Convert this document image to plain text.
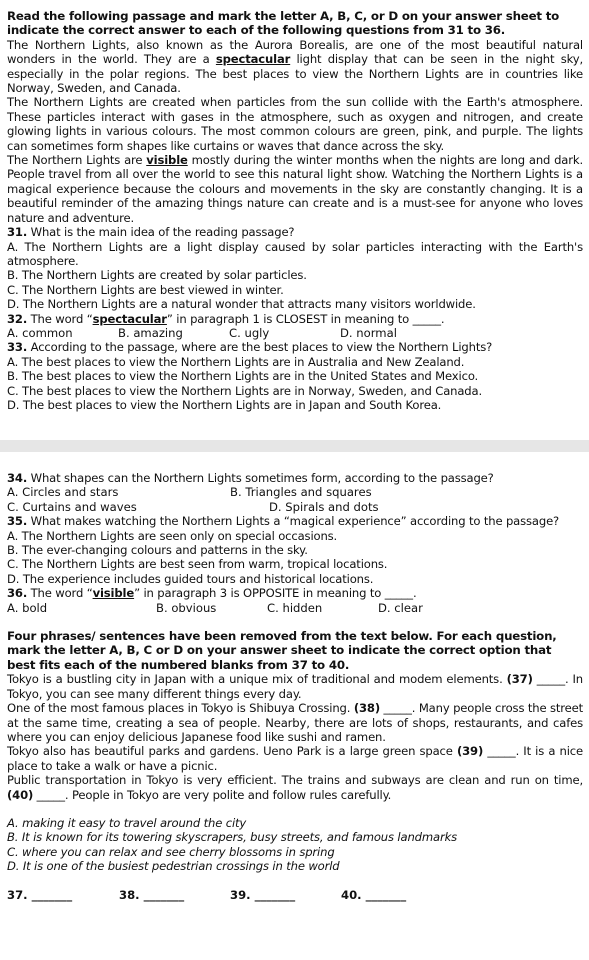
Read the following passage and mark the letter A, B, C, or D on your answer sheet to indicate the correct answer to each of the following questions from 31 to 36.

The Northern Lights, also known as the Aurora Borealis, are one of the most beautiful natural wonders in the world. They are a spectacular light display that can be seen in the night sky, especially in the polar regions. The best places to view the Northern Lights are in countries like Norway, Sweden, and Canada.

The Northern Lights are created when particles from the sun collide with the Earth's atmosphere. These particles interact with gases in the atmosphere, such as oxygen and nitrogen, and create glowing lights in various colours. The most common colours are green, pink, and purple. The lights can sometimes form shapes like curtains or waves that dance across the sky.

The Northern Lights are visible mostly during the winter months when the nights are long and dark. People travel from all over the world to see this natural light show. Watching the Northern Lights is a magical experience because the colours and movements in the sky are constantly changing. It is a beautiful reminder of the amazing things nature can create and is a must-see for anyone who loves nature and adventure.

31. What is the main idea of the reading passage?

A. The Northern Lights are a light display caused by solar particles interacting with the Earth's atmosphere.

B. The Northern Lights are created by solar particles.

C. The Northern Lights are best viewed in winter.

D. The Northern Lights are a natural wonder that attracts many visitors worldwide.

32. The word “spectacular” in paragraph 1 is CLOSEST in meaning to _____.

A. common	B. amazing	C. ugly	D. normal

33. According to the passage, where are the best places to view the Northern Lights?

A. The best places to view the Northern Lights are in Australia and New Zealand.

B. The best places to view the Northern Lights are in the United States and Mexico.

C. The best places to view the Northern Lights are in Norway, Sweden, and Canada.

D. The best places to view the Northern Lights are in Japan and South Korea.

34. What shapes can the Northern Lights sometimes form, according to the passage?

A. Circles and stars	B. Triangles and squares
C. Curtains and waves	D. Spirals and dots

35. What makes watching the Northern Lights a “magical experience” according to the passage?

A. The Northern Lights are seen only on special occasions.

B. The ever-changing colours and patterns in the sky.

C. The Northern Lights are best seen from warm, tropical locations.

D. The experience includes guided tours and historical locations.

36. The word “visible” in paragraph 3 is OPPOSITE in meaning to _____.

A. bold	B. obvious	C. hidden	D. clear

Four phrases/ sentences have been removed from the text below. For each question, mark the letter A, B, C or D on your answer sheet to indicate the correct option that best fits each of the numbered blanks from 37 to 40.

Tokyo is a bustling city in Japan with a unique mix of traditional and modem elements. (37) _____. In Tokyo, you can see many different things every day.

One of the most famous places in Tokyo is Shibuya Crossing. (38) _____. Many people cross the street at the same time, creating a sea of people. Nearby, there are lots of shops, restaurants, and cafes where you can enjoy delicious Japanese food like sushi and ramen.

Tokyo also has beautiful parks and gardens. Ueno Park is a large green space (39) _____. It is a nice place to take a walk or have a picnic.

Public transportation in Tokyo is very efficient. The trains and subways are clean and run on time, (40) _____. People in Tokyo are very polite and follow rules carefully.

A. making it easy to travel around the city

B. It is known for its towering skyscrapers, busy streets, and famous landmarks

C. where you can relax and see cherry blossoms in spring

D. It is one of the busiest pedestrian crossings in the world

37. _______	38. _______	39. _______	40. _______
